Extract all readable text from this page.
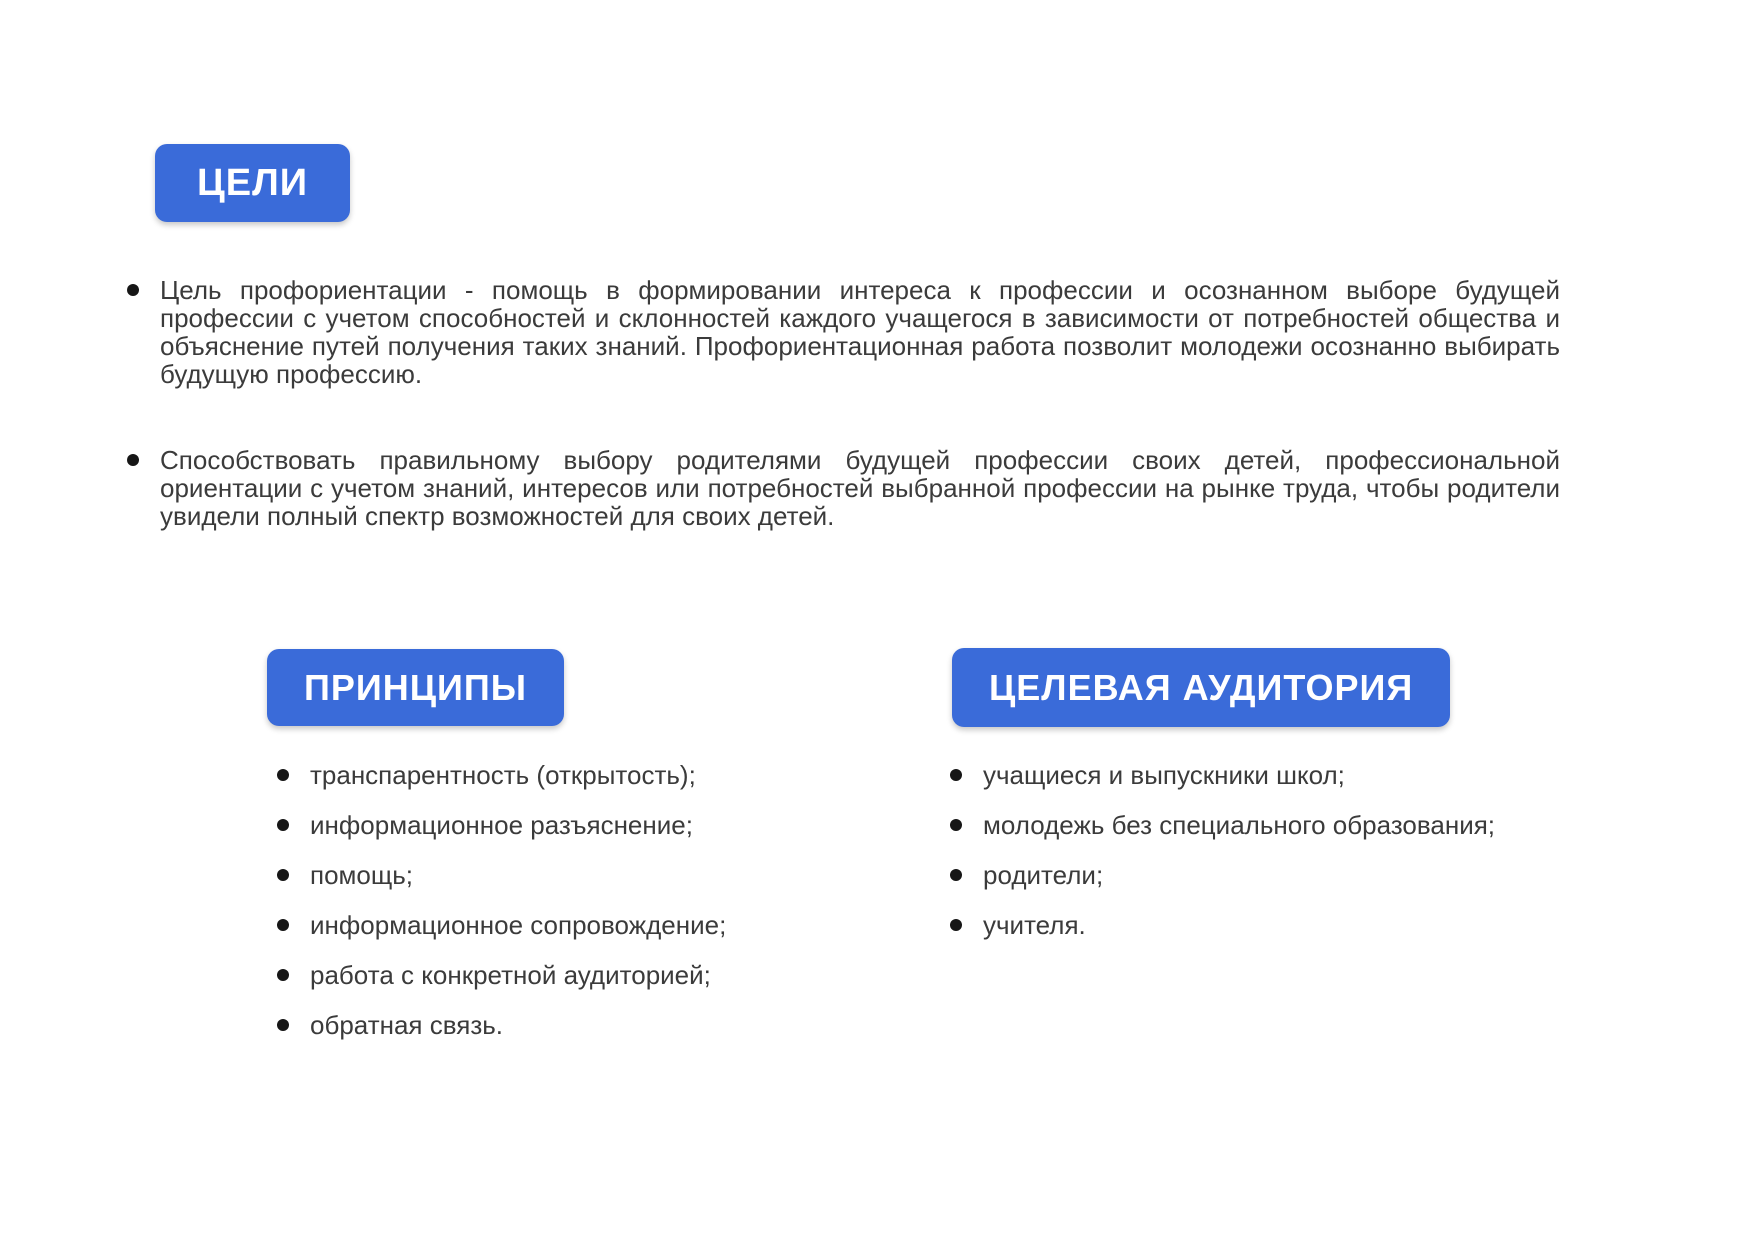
ЦЕЛИ
Цель профориентации - помощь в формировании интереса к профессии и осознанном выборе будущей профессии с учетом способностей и склонностей каждого учащегося в зависимости от потребностей общества и объяснение путей получения таких знаний. Профориентационная работа позволит молодежи осознанно выбирать будущую профессию.
Способствовать правильному выбору родителями будущей профессии своих детей, профессиональной ориентации с учетом знаний, интересов или потребностей выбранной профессии на рынке труда, чтобы родители увидели полный спектр возможностей для своих детей.
ПРИНЦИПЫ
транспарентность (открытость);
информационное разъяснение;
помощь;
информационное сопровождение;
работа с конкретной аудиторией;
обратная связь.
ЦЕЛЕВАЯ АУДИТОРИЯ
учащиеся и выпускники школ;
молодежь без специального образования;
родители;
учителя.
